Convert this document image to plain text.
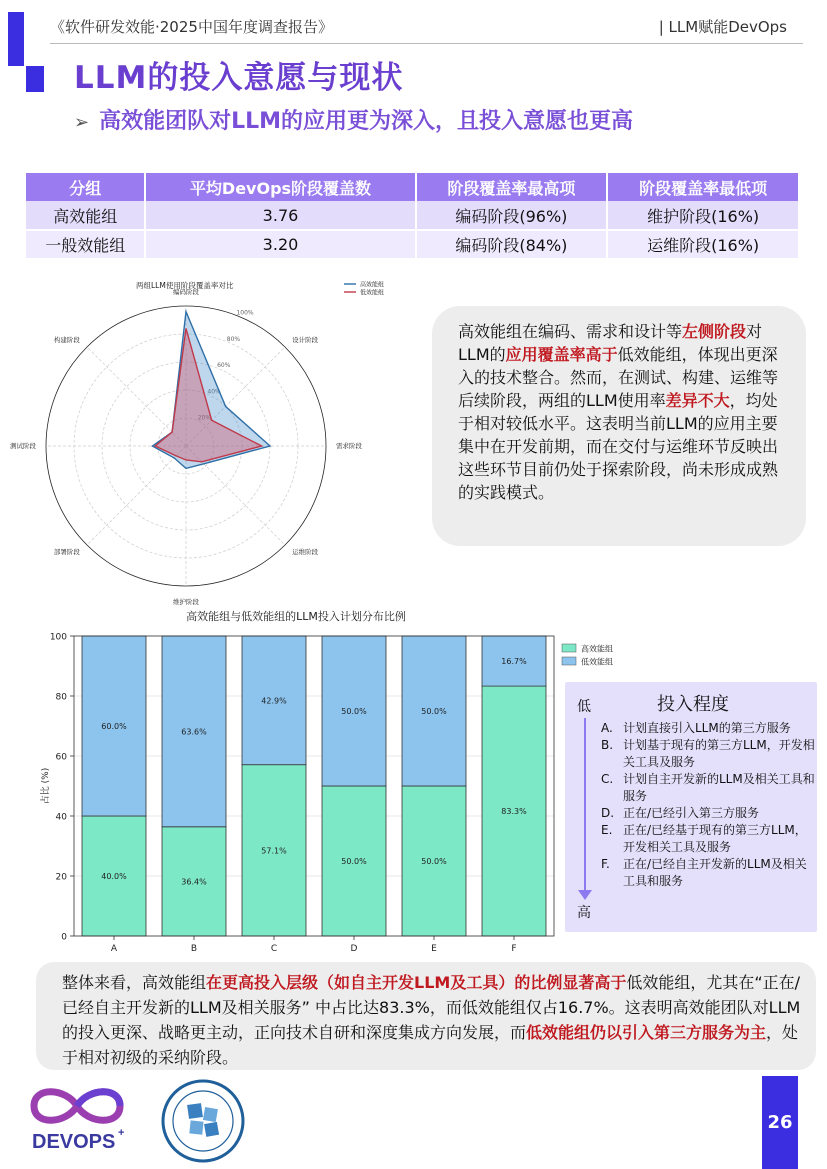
《软件研发效能·2025中国年度调查报告》	| LLM赋能DevOps
LLM的投入意愿与现状
➢ 高效能团队对LLM的应用更为深入，且投入意愿也更高
分组	平均DevOps阶段覆盖数	阶段覆盖率最高项	阶段覆盖率最低项
高效能组	3.76	编码阶段(96%)	维护阶段(16%)
一般效能组	3.20	编码阶段(84%)	运维阶段(16%)
两组LLM使用阶段覆盖率对比
60%
80%
100%
编码阶段
设计阶段
需求阶段
运维阶段
维护阶段
部署阶段
测试阶段
构建阶段
高效能组
低效能组
高效能组在编码、需求和设计等左侧阶段对LLM的应用覆盖率高于低效能组，体现出更深入的技术整合。然而，在测试、构建、运维等后续阶段，两组的LLM使用率差异不大，均处于相对较低水平。这表明当前LLM的应用主要集中在开发前期，而在交付与运维环节反映出这些环节目前仍处于探索阶段，尚未形成成熟的实践模式。
高效能组与低效能组的LLM投入计划分布比例
0
20
40
60
80
100
40.0%
60.0%
A
36.4%
63.6%
B
57.1%
42.9%
C
50.0%
50.0%
D
50.0%
50.0%
E
83.3%
16.7%
F
占比 (%)
高效能组
低效能组
投入程度
低
高
A. 计划直接引入LLM的第三方服务
B. 计划基于现有的第三方LLM，开发相关工具及服务
C. 计划自主开发新的LLM及相关工具和服务
D. 正在/已经引入第三方服务
E. 正在/已经基于现有的第三方LLM，开发相关工具及服务
F.	正在/已经自主开发新的LLM及相关工具和服务
整体来看，高效能组在更高投入层级（如自主开发LLM及工具）的比例显著高于低效能组，尤其在“正在/已经自主开发新的LLM及相关服务” 中占比达83.3%，而低效能组仅占16.7%。这表明高效能团队对LLM的投入更深、战略更主动，正向技术自研和深度集成方向发展，而低效能组仍以引入第三方服务为主，处于相对初级的采纳阶段。
DEVOPS +	26
